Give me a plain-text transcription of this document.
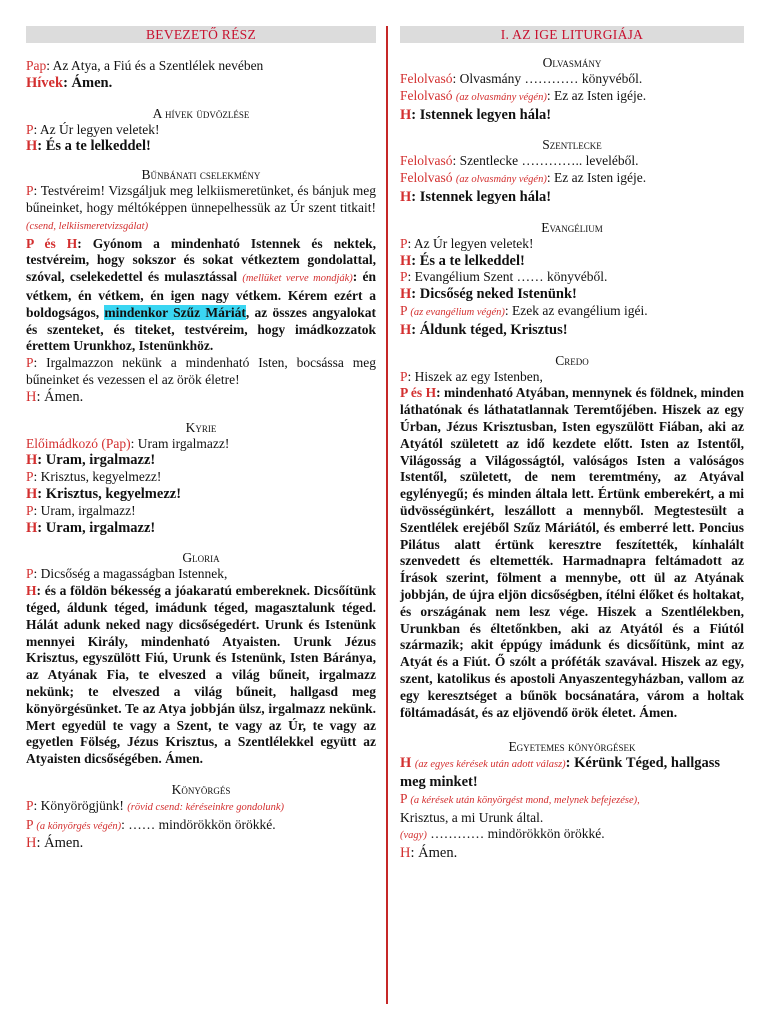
BEVEZETŐ RÉSZ

Pap: Az Atya, a Fiú és a Szentlélek nevében

Hívek: Ámen.

A hívek üdvözlése

P: Az Úr legyen veletek!

H: És a te lelkeddel!

Bűnbánati cselekmény

P: Testvéreim! Vizsgáljuk meg lelkiismeretünket, és bánjuk meg bűneinket, hogy méltóképpen ünnepelhessük az Úr szent titkait! (csend, lelkiismeretvizsgálat)

P és H: Gyónom a mindenható Istennek és nektek, testvéreim, hogy sokszor és sokat vétkeztem gondolattal, szóval, cselekedettel és mulasztással (mellüket verve mondják): én vétkem, én vétkem, én igen nagy vétkem. Kérem ezért a boldogságos, mindenkor Szűz Máriát, az összes angyalokat és szenteket, és titeket, testvéreim, hogy imádkozzatok érettem Urunkhoz, Istenünkhöz.

P: Irgalmazzon nekünk a mindenható Isten, bocsássa meg bűneinket és vezessen el az örök életre!

H: Ámen.

Kyrie

Előimádkozó (Pap): Uram irgalmazz!

H: Uram, irgalmazz!

P: Krisztus, kegyelmezz!

H: Krisztus, kegyelmezz!

P: Uram, irgalmazz!

H: Uram, irgalmazz!

Gloria

P: Dicsőség a magasságban Istennek,

H: és a földön békesség a jóakaratú embereknek. Dicsőítünk téged, áldunk téged, imádunk téged, magasztalunk téged. Hálát adunk neked nagy dicsőségedért. Urunk és Istenünk mennyei Király, mindenható Atyaisten. Urunk Jézus Krisztus, egyszülött Fiú, Urunk és Istenünk, Isten Báránya, az Atyának Fia, te elveszed a világ bűneit, irgalmazz nekünk; te elveszed a világ bűneit, hallgasd meg könyörgésünket. Te az Atya jobbján ülsz, irgalmazz nekünk. Mert egyedül te vagy a Szent, te vagy az Úr, te vagy az egyetlen Fölség, Jézus Krisztus, a Szentlélekkel együtt az Atyaisten dicsőségében. Ámen.

Könyörgés

P: Könyörögjünk! (rövid csend: kéréseinkre gondolunk)

P (a könyörgés végén): …… mindörökkön örökké.

H: Ámen.

I. AZ IGE LITURGIÁJA

Olvasmány

Felolvasó: Olvasmány ………… könyvéből.

Felolvasó (az olvasmány végén): Ez az Isten igéje.

H: Istennek legyen hála!

Szentlecke

Felolvasó: Szentlecke ………….. leveléből.

Felolvasó (az olvasmány végén): Ez az Isten igéje.

H: Istennek legyen hála!

Evangélium

P: Az Úr legyen veletek!

H: És a te lelkeddel!

P: Evangélium Szent …… könyvéből.

H: Dicsőség neked Istenünk!

P (az evangélium végén): Ezek az evangélium igéi.

H: Áldunk téged, Krisztus!

Credo

P: Hiszek az egy Istenben,

P és H: mindenható Atyában, mennynek és földnek, minden láthatónak és láthatatlannak Teremtőjében. Hiszek az egy Úrban, Jézus Krisztusban, Isten egyszülött Fiában, aki az Atyától született az idő kezdete előtt. Isten az Istentől, Világosság a Világosságtól, valóságos Isten a valóságos Istentől, született, de nem teremtmény, az Atyával egylényegű; és minden általa lett. Értünk emberekért, a mi üdvösségünkért, leszállott a mennyből. Megtestesült a Szentlélek erejéből Szűz Máriától, és emberré lett. Poncius Pilátus alatt értünk keresztre feszítették, kínhalált szenvedett és eltemették. Harmadnapra feltámadott az Írások szerint, fölment a mennybe, ott ül az Atyának jobbján, de újra eljön dicsőségben, ítélni élőket és holtakat, és országának nem lesz vége. Hiszek a Szentlélekben, Urunkban és éltetőnkben, aki az Atyától és a Fiútól származik; akit éppúgy imádunk és dicsőítünk, mint az Atyát és a Fiút. Ő szólt a próféták szavával. Hiszek az egy, szent, katolikus és apostoli Anyaszentegyházban, vallom az egy keresztséget a bűnök bocsánatára, várom a holtak föltámadását, és az eljövendő örök életet. Ámen.

Egyetemes könyörgések

H (az egyes kérések után adott válasz): Kérünk Téged, hallgass meg minket!

P (a kérések után könyörgést mond, melynek befejezése),

Krisztus, a mi Urunk által.

(vagy) ………… mindörökkön örökké.

H: Ámen.
